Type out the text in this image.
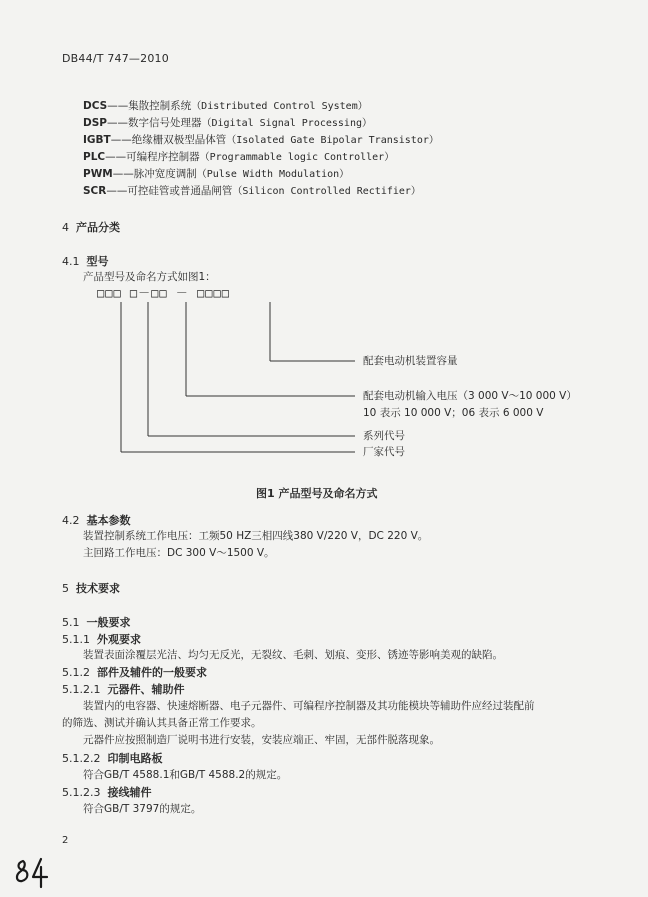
DB44/T 747—2010
DCS——集散控制系统（Distributed Control System）
DSP——数字信号处理器（Digital Signal Processing）
IGBT——绝缘栅双极型晶体管（Isolated Gate Bipolar Transistor）
PLC——可编程序控制器（Programmable logic Controller）
PWM——脉冲宽度调制（Pulse Width Modulation）
SCR——可控硅管或普通晶闸管（Silicon Controlled Rectifier）
4 产品分类
4.1 型号
产品型号及命名方式如图1：
□□□ □－□□ － □□□□
配套电动机装置容量
配套电动机输入电压（3 000 V～10 000 V）
10 表示 10 000 V；06 表示 6 000 V
系列代号
厂家代号
图1 产品型号及命名方式
4.2 基本参数
装置控制系统工作电压：工频50 HZ三相四线380 V/220 V，DC 220 V。
主回路工作电压：DC 300 V～1500 V。
5 技术要求
5.1 一般要求
5.1.1 外观要求
装置表面涂覆层光洁、均匀无反光，无裂纹、毛刺、划痕、变形、锈迹等影响美观的缺陷。
5.1.2 部件及辅件的一般要求
5.1.2.1 元器件、辅助件
装置内的电容器、快速熔断器、电子元器件、可编程序控制器及其功能模块等辅助件应经过装配前
的筛选、测试并确认其具备正常工作要求。
元器件应按照制造厂说明书进行安装，安装应端正、牢固，无部件脱落现象。
5.1.2.2 印制电路板
符合GB/T 4588.1和GB/T 4588.2的规定。
5.1.2.3 接线辅件
符合GB/T 3797的规定。
2
